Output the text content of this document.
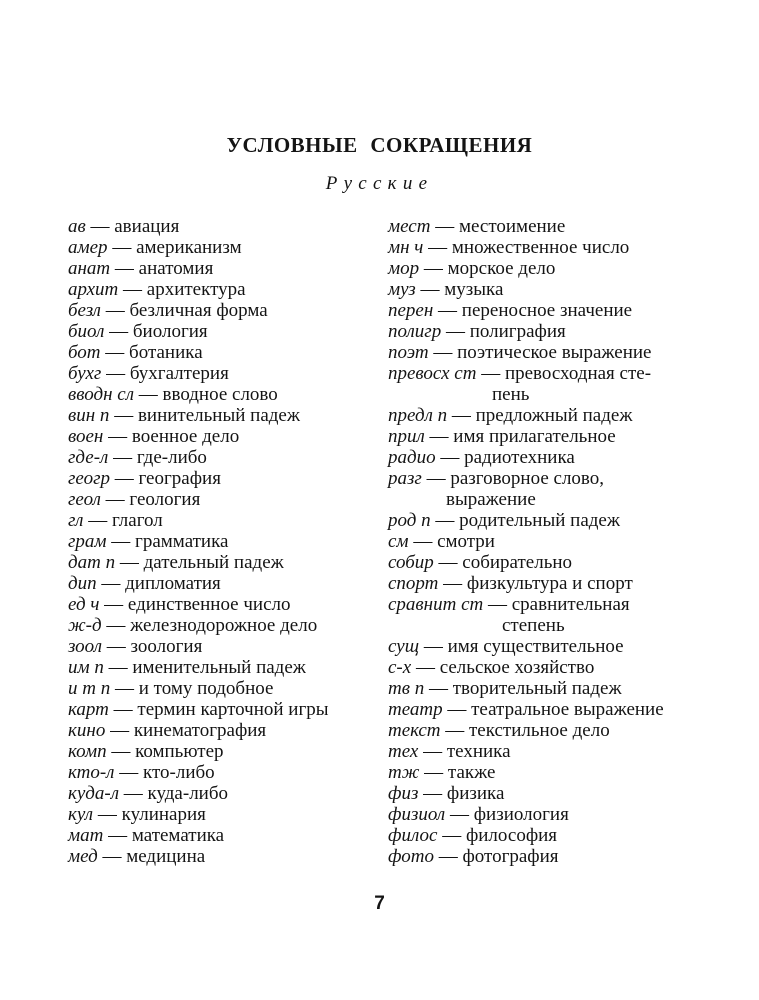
УСЛОВНЫЕ СОКРАЩЕНИЯ
Русские
ав — авиация
амер — американизм
анат — анатомия
архит — архитектура
безл — безличная форма
биол — биология
бот — ботаника
бухг — бухгалтерия
вводн сл — вводное слово
вин п — винительный падеж
воен — военное дело
где-л — где-либо
геогр — география
геол — геология
гл — глагол
грам — грамматика
дат п — дательный падеж
дип — дипломатия
ед ч — единственное число
ж-д — железнодорожное дело
зоол — зоология
им п — именительный падеж
и т п — и тому подобное
карт — термин карточной игры
кино — кинематография
комп — компьютер
кто-л — кто-либо
куда-л — куда-либо
кул — кулинария
мат — математика
мед — медицина
мест — местоимение
мн ч — множественное число
мор — морское дело
муз — музыка
перен — переносное значение
полигр — полиграфия
поэт — поэтическое выражение
превосх ст — превосходная сте-
пень
предл п — предложный падеж
прил — имя прилагательное
радио — радиотехника
разг — разговорное слово,
выражение
род п — родительный падеж
см — смотри
собир — собирательно
спорт — физкультура и спорт
сравнит ст — сравнительная
степень
сущ — имя существительное
с-х — сельское хозяйство
тв п — творительный падеж
театр — театральное выражение
текст — текстильное дело
тех — техника
тж — также
физ — физика
физиол — физиология
филос — философия
фото — фотография
7
